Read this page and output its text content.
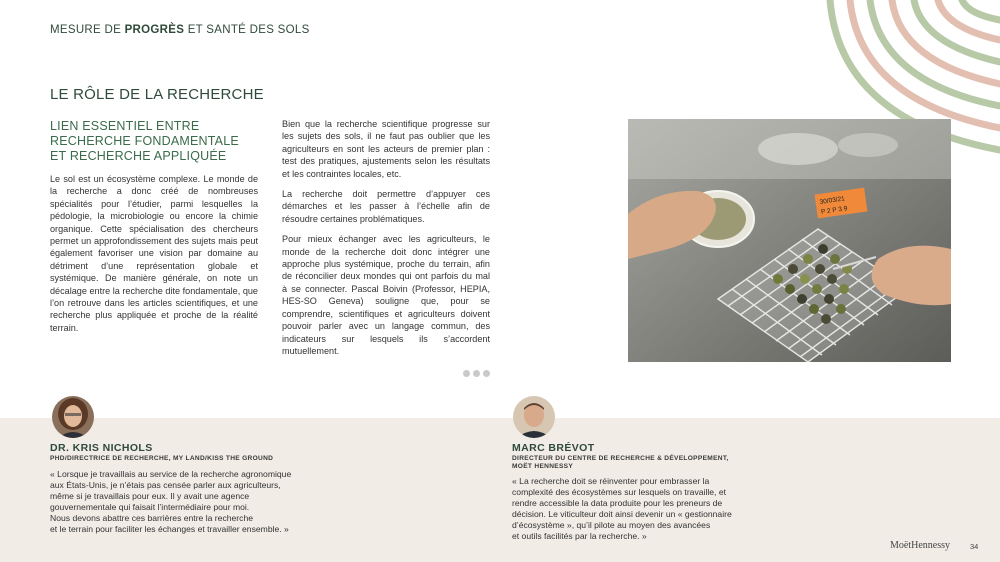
MESURE DE PROGRÈS ET SANTÉ DES SOLS
LE RÔLE DE LA RECHERCHE
LIEN ESSENTIEL ENTRE
RECHERCHE FONDAMENTALE
ET RECHERCHE APPLIQUÉE

Le sol est un écosystème complexe. Le monde de la recherche a donc créé de nombreuses spécialités pour l’étudier, parmi lesquelles la pédologie, la microbiologie ou encore la chimie organique. Cette spécialisation des chercheurs permet un approfondissement des sujets mais peut également favoriser une vision par domaine au détriment d’une représentation globale et systémique. De manière générale, on note un décalage entre la recherche dite fondamentale, que l’on retrouve dans les articles scientifiques, et une recherche plus appliquée et proche de la réalité terrain.

Bien que la recherche scientifique progresse sur les sujets des sols, il ne faut pas oublier que les agriculteurs en sont les acteurs de premier plan : test des pratiques, ajustements selon les résultats et les contraintes locales, etc.

La recherche doit permettre d’appuyer ces démarches et les passer à l’échelle afin de résoudre certaines problématiques.

Pour mieux échanger avec les agriculteurs, le monde de la recherche doit donc intégrer une approche plus systémique, proche du terrain, afin de réconcilier deux mondes qui ont parfois du mal à se connecter. Pascal Boivin (Professor, HEPIA, HES-SO Geneva) souligne que, pour se comprendre, scientifiques et agriculteurs doivent pouvoir parler avec un langage commun, des indicateurs sur lesquels ils s’accordent mutuellement.

30/03/21
P 2 P 3 9
DR. KRIS NICHOLS
PHD/DIRECTRICE DE RECHERCHE, MY LAND/KISS THE GROUND
« Lorsque je travaillais au service de la recherche agronomique
aux États-Unis, je n’étais pas censée parler aux agriculteurs,
même si je travaillais pour eux. Il y avait une agence
gouvernementale qui faisait l’intermédiaire pour moi.
Nous devons abattre ces barrières entre la recherche
et le terrain pour faciliter les échanges et travailler ensemble. »
MARC BRÉVOT
DIRECTEUR DU CENTRE DE RECHERCHE & DÉVELOPPEMENT,
MOËT HENNESSY
« La recherche doit se réinventer pour embrasser la
complexité des écosystèmes sur lesquels on travaille, et
rendre accessible la data produite pour les preneurs de
décision. Le viticulteur doit ainsi devenir un « gestionnaire
d’écosystème », qu’il pilote au moyen des avancées
et outils facilités par la recherche. »
MoëtHennessy	34
